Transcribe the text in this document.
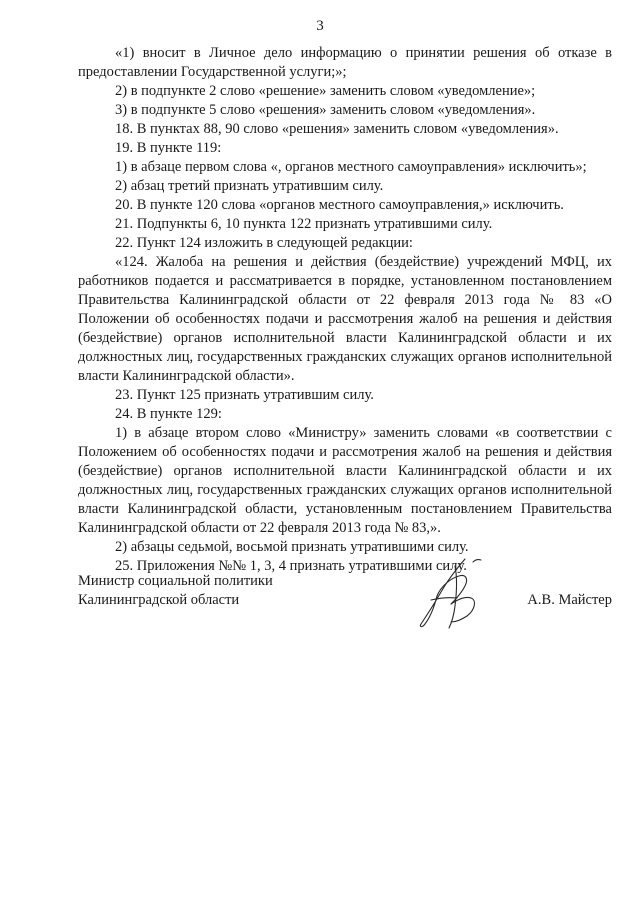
3

«1) вносит в Личное дело информацию о принятии решения об отказе в предоставлении Государственной услуги;»;

2) в подпункте 2 слово «решение» заменить словом «уведомление»;

3) в подпункте 5 слово «решения» заменить словом «уведомления».

18. В пунктах 88, 90 слово «решения» заменить словом «уведомления».

19. В пункте 119:

1) в абзаце первом слова «, органов местного самоуправления» исключить»;

2) абзац третий признать утратившим силу.

20. В пункте 120 слова «органов местного самоуправления,» исключить.

21. Подпункты 6, 10 пункта 122 признать утратившими силу.

22. Пункт 124 изложить в следующей редакции:

«124. Жалоба на решения и действия (бездействие) учреждений МФЦ, их работников подается и рассматривается в порядке, установленном постановлением Правительства Калининградской области от 22 февраля 2013 года № 83 «О Положении об особенностях подачи и рассмотрения жалоб на решения и действия (бездействие) органов исполнительной власти Калининградской области и их должностных лиц, государственных гражданских служащих органов исполнительной власти Калининградской области».

23. Пункт 125 признать утратившим силу.

24. В пункте 129:

1) в абзаце втором слово «Министру» заменить словами «в соответствии с Положением об особенностях подачи и рассмотрения жалоб на решения и действия (бездействие) органов исполнительной власти Калининградской области и их должностных лиц, государственных гражданских служащих органов исполнительной власти Калининградской области, установленным постановлением Правительства Калининградской области от 22 февраля 2013 года № 83,».

2) абзацы седьмой, восьмой признать утратившими силу.

25. Приложения №№ 1, 3, 4 признать утратившими силу.

Министр социальной политики
Калининградской области	А.В. Майстер
